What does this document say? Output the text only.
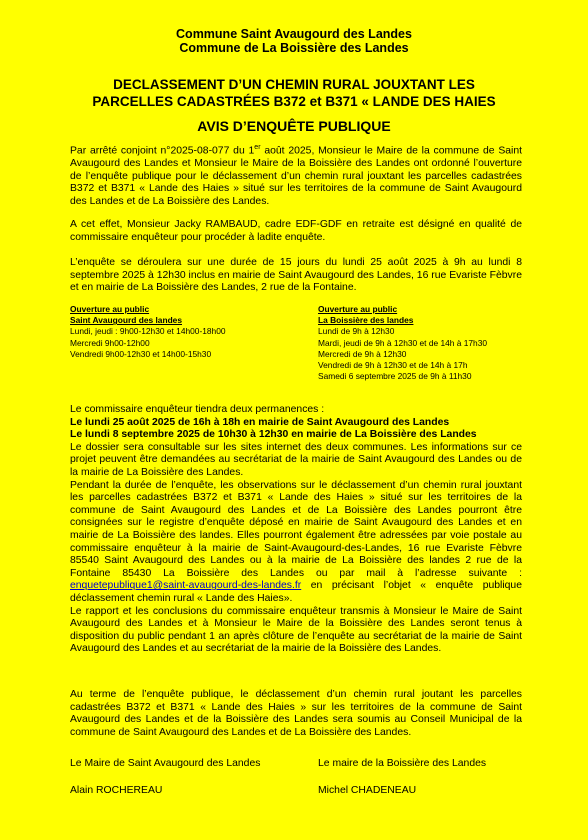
Commune Saint Avaugourd des Landes
Commune de La Boissière des Landes
DECLASSEMENT D’UN CHEMIN RURAL JOUXTANT LES
PARCELLES CADASTRÉES B372 et B371 « LANDE DES HAIES
AVIS D’ENQUÊTE PUBLIQUE
Par arrêté conjoint n°2025-08-077 du 1er août 2025, Monsieur le Maire de la commune de Saint Avaugourd des Landes et Monsieur le Maire de la Boissière des Landes ont ordonné l’ouverture de l’enquête publique pour le déclassement d’un chemin rural jouxtant les parcelles cadastrées B372 et B371 « Lande des Haies » situé sur les territoires de la commune de Saint Avaugourd des Landes et de La Boissière des Landes.
A cet effet, Monsieur Jacky RAMBAUD, cadre EDF-GDF en retraite est désigné en qualité de commissaire enquêteur pour procéder à ladite enquête.
L’enquête se déroulera sur une durée de 15 jours du lundi 25 août 2025 à 9h au lundi 8 septembre 2025 à 12h30 inclus en mairie de Saint Avaugourd des Landes, 16 rue Evariste Fèbvre et en mairie de La Boissière des Landes, 2 rue de la Fontaine.
Ouverture au public
Saint Avaugourd des landes
Lundi, jeudi : 9h00-12h30 et 14h00-18h00
Mercredi 9h00-12h00
Vendredi 9h00-12h30 et 14h00-15h30
Ouverture au public
La Boissière des landes
Lundi de 9h à 12h30
Mardi, jeudi de 9h à 12h30 et de 14h à 17h30
Mercredi de 9h à 12h30
Vendredi de 9h à 12h30 et de 14h à 17h
Samedi 6 septembre 2025 de 9h à 11h30
Le commissaire enquêteur tiendra deux permanences :
Le lundi 25 août 2025 de 16h à 18h en mairie de Saint Avaugourd des Landes
Le lundi 8 septembre 2025 de 10h30 à 12h30 en mairie de La Boissière des Landes
Le dossier sera consultable sur les sites internet des deux communes. Les informations sur ce projet peuvent être demandées au secrétariat de la mairie de Saint Avaugourd des Landes ou de la mairie de La Boissière des Landes.
Pendant la durée de l’enquête, les observations sur le déclassement d’un chemin rural jouxtant les parcelles cadastrées B372 et B371 « Lande des Haies » situé sur les territoires de la commune de Saint Avaugourd des Landes et de La Boissière des Landes pourront être consignées sur le registre d’enquête déposé en mairie de Saint Avaugourd des Landes et en mairie de La Boissière des landes. Elles pourront également être adressées par voie postale au commissaire enquêteur à la mairie de Saint-Avaugourd-des-Landes, 16 rue Evariste Fèbvre 85540 Saint Avaugourd des Landes ou à la mairie de La Boissière des landes 2 rue de la Fontaine 85430 La Boissière des Landes ou par mail à l’adresse suivante : enquetepublique1@saint-avaugourd-des-landes.fr en précisant l’objet « enquête publique déclassement chemin rural « Lande des Haies».
Le rapport et les conclusions du commissaire enquêteur transmis à Monsieur le Maire de Saint Avaugourd des Landes et à Monsieur le Maire de la Boissière des Landes seront tenus à disposition du public pendant 1 an après clôture de l’enquête au secrétariat de la mairie de Saint Avaugourd des Landes et au secrétariat de la mairie de la Boissière des Landes.
Au terme de l’enquête publique, le déclassement d’un chemin rural joutant les parcelles cadastrées B372 et B371 « Lande des Haies » sur les territoires de la commune de Saint Avaugourd des Landes et de la Boissière des Landes sera soumis au Conseil Municipal de la commune de Saint Avaugourd des Landes et de La Boissière des Landes.
Le Maire de Saint Avaugourd des Landes	Le maire de la Boissière des Landes
Alain ROCHEREAU	Michel CHADENEAU
